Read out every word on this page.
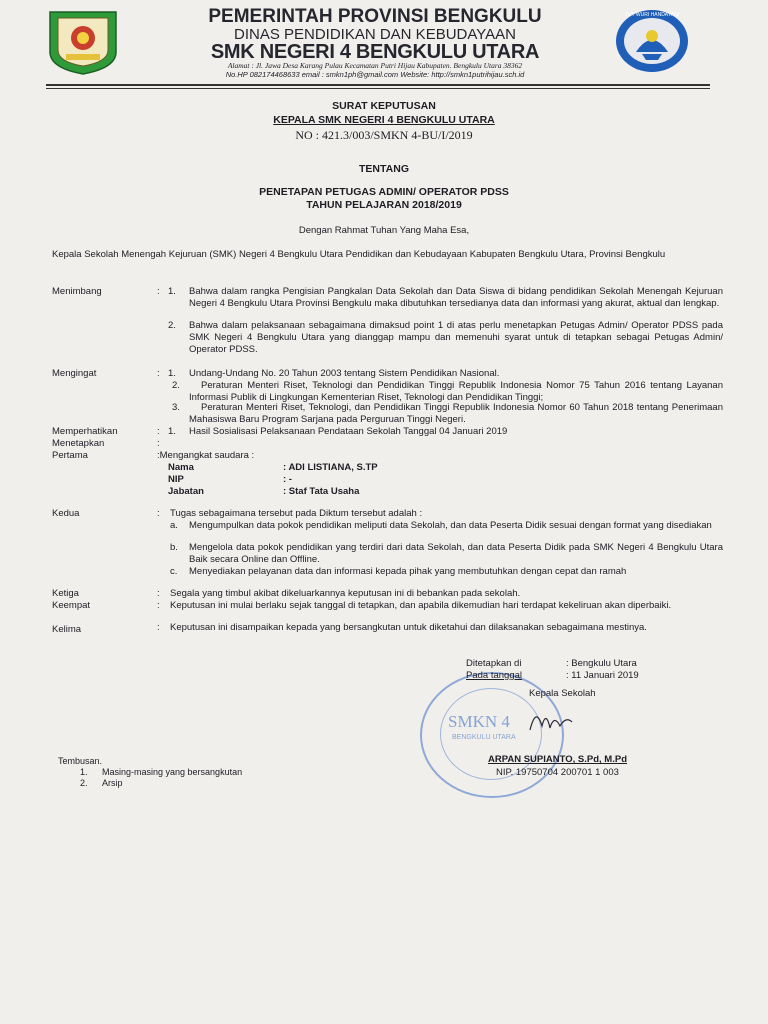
TUT WURI HANDAYANI
PEMERINTAH PROVINSI BENGKULU
DINAS PENDIDIKAN DAN KEBUDAYAAN
SMK NEGERI 4 BENGKULU UTARA
Alamat : Jl. Jawa Desa Karang Pulau Kecamatan Putri Hijau Kabupaten. Bengkulu Utara 38362
No.HP 082174468633 email : smkn1ph@gmail.com Website: http://smkn1putrihijau.sch.id
SURAT KEPUTUSAN
KEPALA SMK NEGERI 4 BENGKULU UTARA
NO : 421.3/003/SMKN 4-BU/I/2019
TENTANG
PENETAPAN PETUGAS ADMIN/ OPERATOR PDSS
TAHUN PELAJARAN 2018/2019
Dengan Rahmat Tuhan Yang Maha Esa,
Kepala Sekolah Menengah Kejuruan (SMK) Negeri 4 Bengkulu Utara Pendidikan dan Kebudayaan Kabupaten Bengkulu Utara, Provinsi Bengkulu
Menimbang	: 1. Bahwa dalam rangka Pengisian Pangkalan Data Sekolah dan Data Siswa di bidang pendidikan Sekolah Menengah Kejuruan Negeri 4 Bengkulu Utara Provinsi Bengkulu maka dibutuhkan tersedianya data dan informasi yang akurat, aktual dan lengkap.
2. Bahwa dalam pelaksanaan sebagaimana dimaksud point 1 di atas perlu menetapkan Petugas Admin/ Operator PDSS pada SMK Negeri 4 Bengkulu Utara yang dianggap mampu dan memenuhi syarat untuk di tetapkan sebagai Petugas Admin/ Operator PDSS.
Mengingat	: 1. Undang-Undang No. 20 Tahun 2003 tentang Sistem Pendidikan Nasional.
2.	Peraturan Menteri Riset, Teknologi dan Pendidikan Tinggi Republik Indonesia Nomor 75 Tahun 2016 tentang Layanan Informasi Publik di Lingkungan Kementerian Riset, Teknologi dan Pendidikan Tinggi;
3.	Peraturan Menteri Riset, Teknologi, dan Pendidikan Tinggi Republik Indonesia Nomor 60 Tahun 2018 tentang Penerimaan Mahasiswa Baru Program Sarjana pada Perguruan Tinggi Negeri.
Memperhatikan	: 1. Hasil Sosialisasi Pelaksanaan Pendataan Sekolah Tanggal 04 Januari 2019
Menetapkan	:
Pertama	:Mengangkat saudara :
Nama	: ADI LISTIANA, S.TP
NIP	: -
Jabatan	: Staf Tata Usaha
Kedua	: Tugas sebagaimana tersebut pada Diktum tersebut adalah :
a. Mengumpulkan data pokok pendidikan meliputi data Sekolah, dan data Peserta Didik sesuai dengan format yang disediakan
b. Mengelola data pokok pendidikan yang terdiri dari data Sekolah, dan data Peserta Didik pada SMK Negeri 4 Bengkulu Utara Baik secara Online dan Offline.
c. Menyediakan pelayanan data dan informasi kepada pihak yang membutuhkan dengan cepat dan ramah
Ketiga	: Segala yang timbul akibat dikeluarkannya keputusan ini di bebankan pada sekolah.
Keempat	: Keputusan ini mulai berlaku sejak tanggal di tetapkan, dan apabila dikemudian hari terdapat kekeliruan akan diperbaiki.
Kelima	: Keputusan ini disampaikan kepada yang bersangkutan untuk diketahui dan dilaksanakan sebagaimana mestinya.
SMKN 4
BENGKULU UTARA
Ditetapkan di	: Bengkulu Utara
Pada tanggal	: 11 Januari 2019
Kepala Sekolah
ARPAN SUPIANTO, S.Pd, M.Pd
NIP. 19750704 200701 1 003
Tembusan.
1. Masing-masing yang bersangkutan
2. Arsip
